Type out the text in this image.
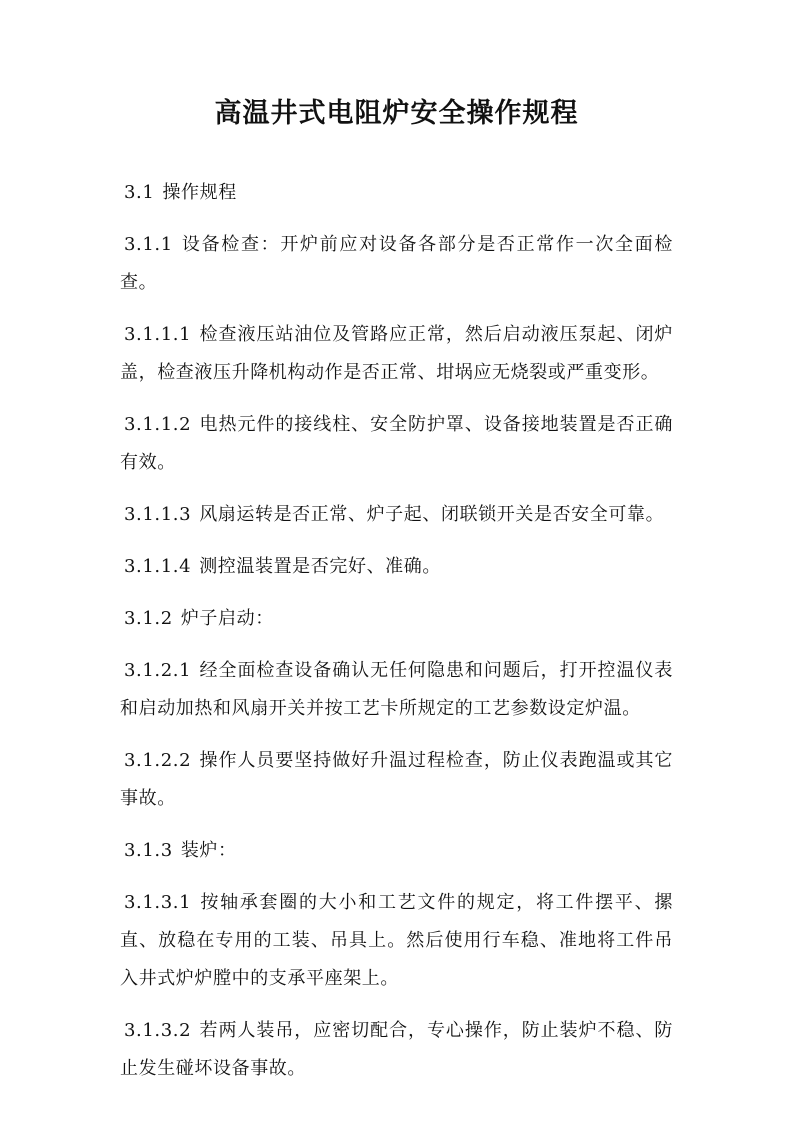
高温井式电阻炉安全操作规程

3.1 操作规程

3.1.1 设备检查：开炉前应对设备各部分是否正常作一次全面检查。

3.1.1.1 检查液压站油位及管路应正常，然后启动液压泵起、闭炉盖，检查液压升降机构动作是否正常、坩埚应无烧裂或严重变形。

3.1.1.2 电热元件的接线柱、安全防护罩、设备接地装置是否正确有效。

3.1.1.3 风扇运转是否正常、炉子起、闭联锁开关是否安全可靠。

3.1.1.4 测控温装置是否完好、准确。

3.1.2 炉子启动：

3.1.2.1 经全面检查设备确认无任何隐患和问题后，打开控温仪表和启动加热和风扇开关并按工艺卡所规定的工艺参数设定炉温。

3.1.2.2 操作人员要坚持做好升温过程检查，防止仪表跑温或其它事故。

3.1.3 装炉：

3.1.3.1 按轴承套圈的大小和工艺文件的规定，将工件摆平、摞直、放稳在专用的工装、吊具上。然后使用行车稳、准地将工件吊入井式炉炉膛中的支承平座架上。

3.1.3.2 若两人装吊，应密切配合，专心操作，防止装炉不稳、防止发生碰坏设备事故。
